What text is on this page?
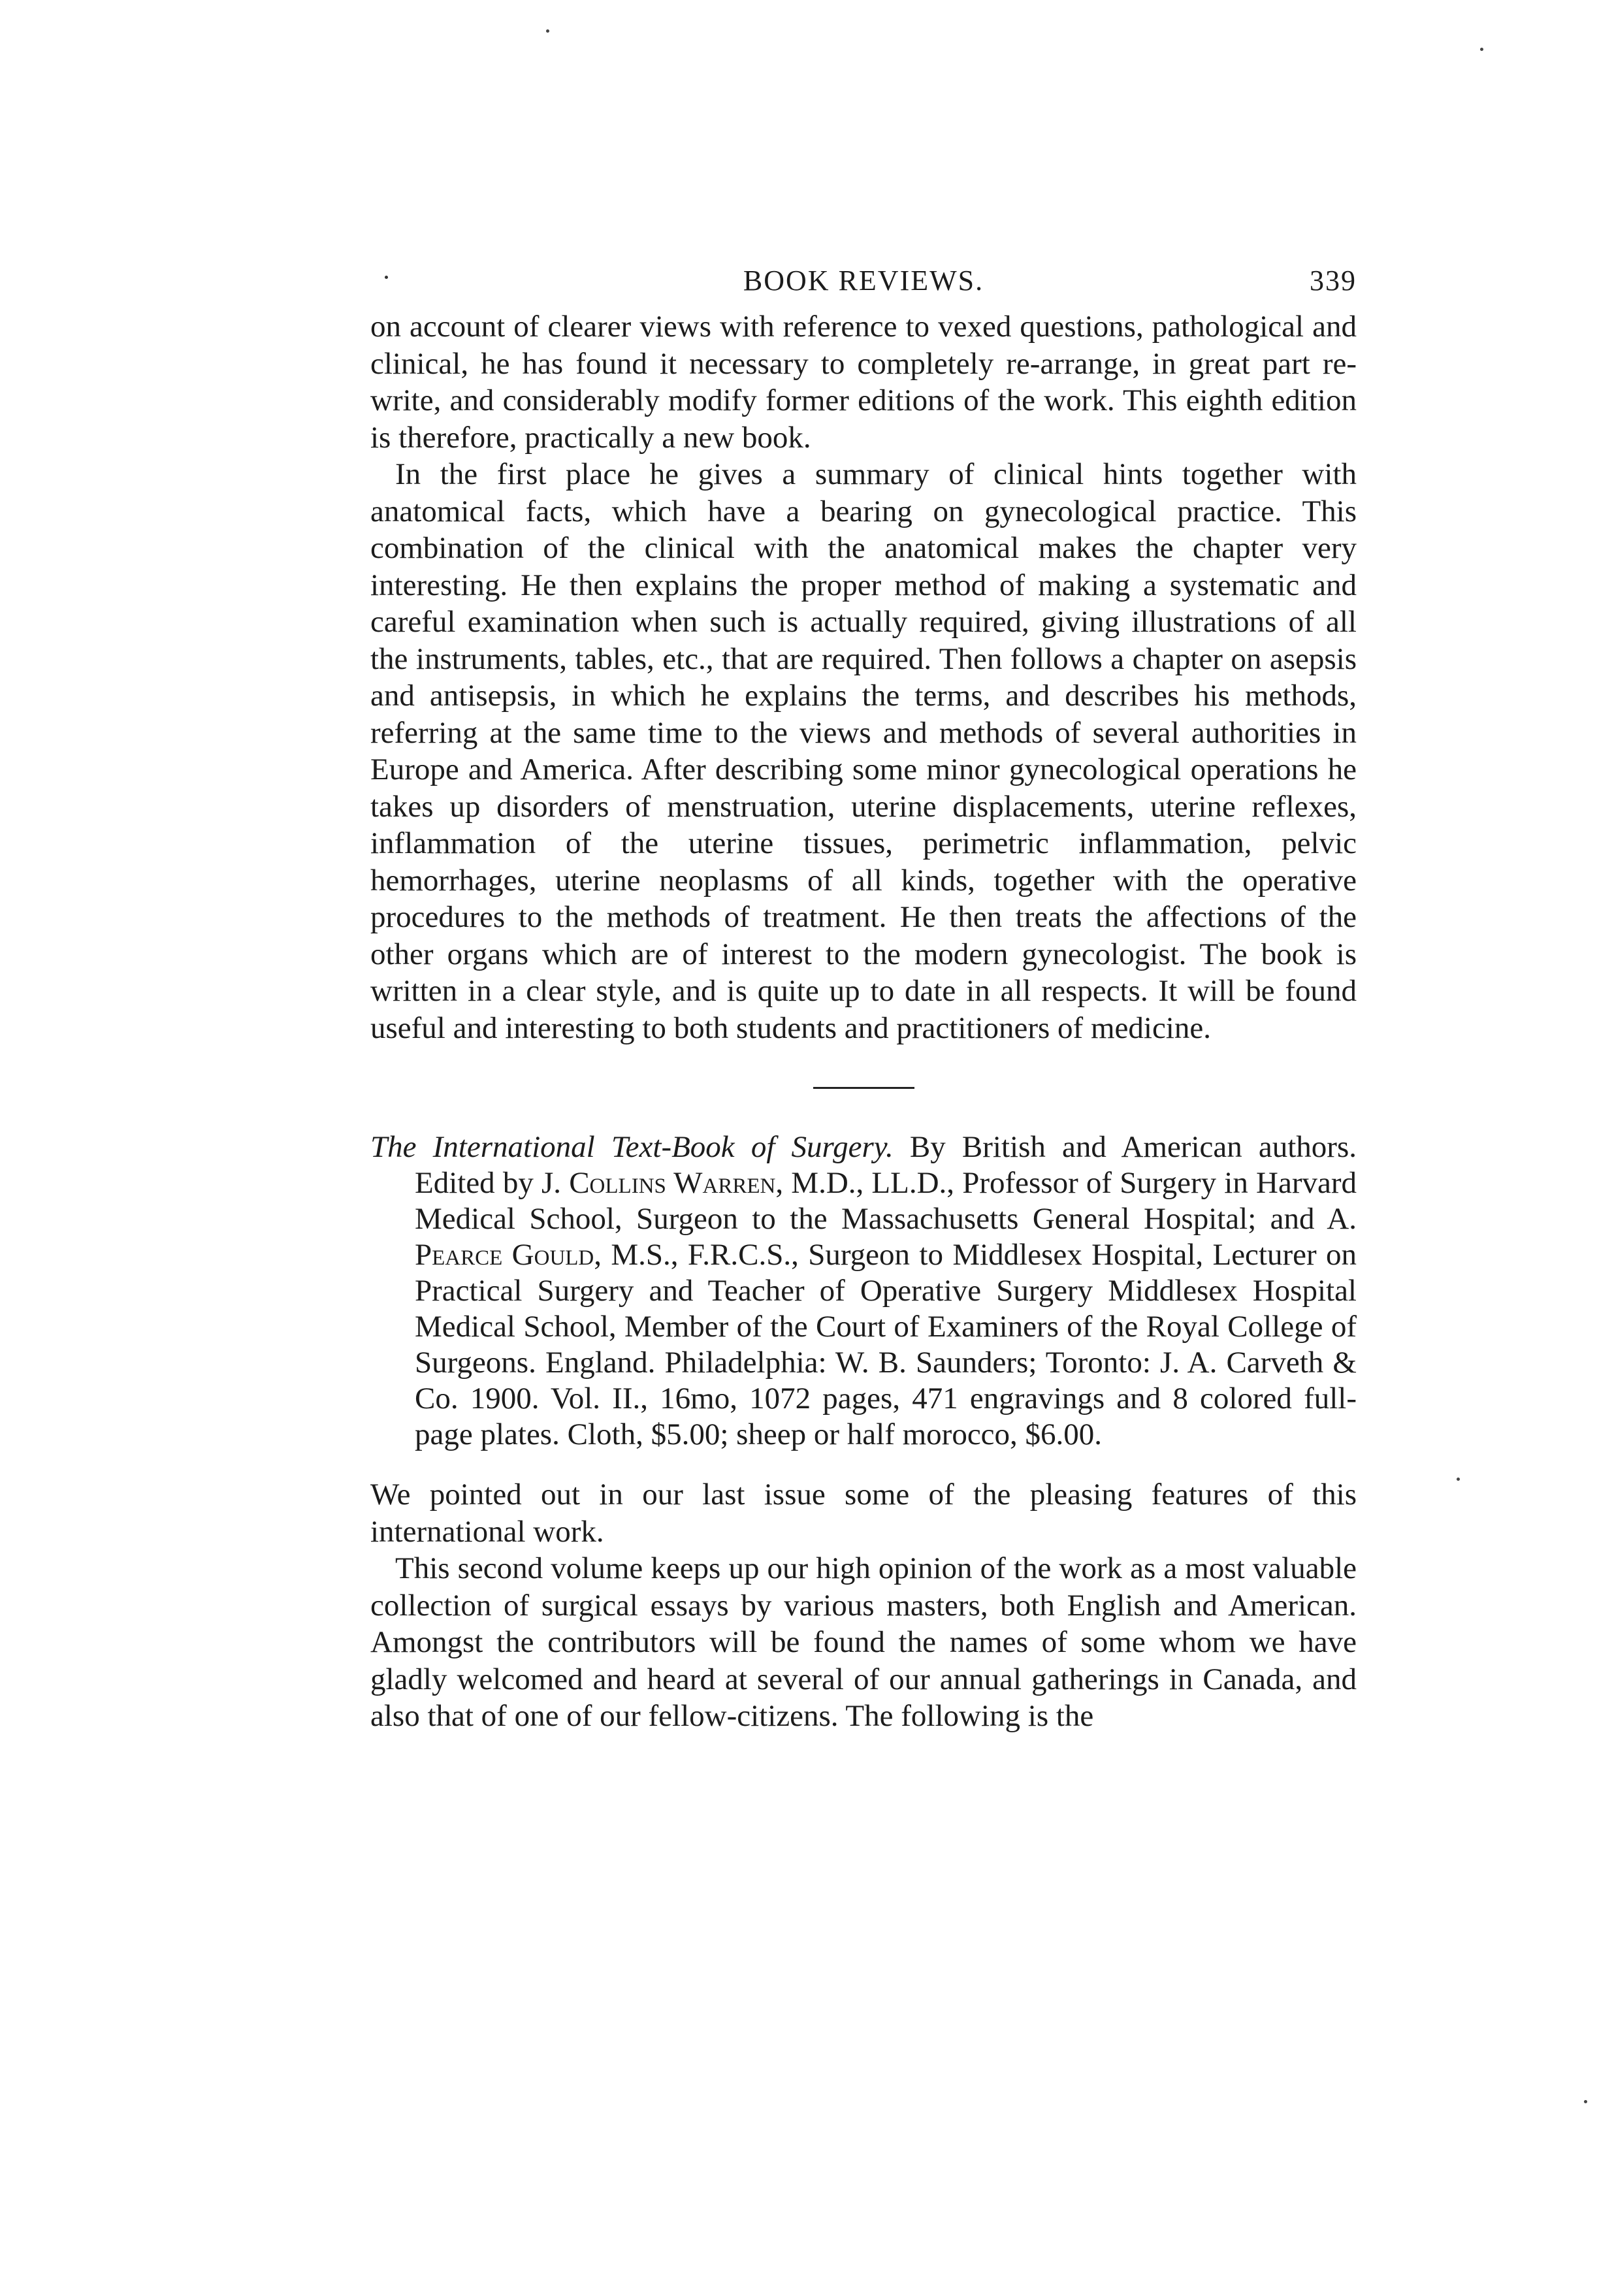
BOOK REVIEWS.	339

on account of clearer views with reference to vexed questions, pathological and clinical, he has found it necessary to completely re-arrange, in great part re-write, and considerably modify former editions of the work. This eighth edition is therefore, practically a new book.

In the first place he gives a summary of clinical hints together with anatomical facts, which have a bearing on gynecological practice. This combination of the clinical with the anatomical makes the chapter very interesting. He then explains the proper method of making a systematic and careful examination when such is actually required, giving illustrations of all the instruments, tables, etc., that are required. Then follows a chapter on asepsis and antisepsis, in which he explains the terms, and describes his methods, referring at the same time to the views and methods of several authorities in Europe and America. After describing some minor gynecological operations he takes up disorders of menstruation, uterine displacements, uterine reflexes, inflammation of the uterine tissues, perimetric inflammation, pelvic hemorrhages, uterine neoplasms of all kinds, together with the operative procedures to the methods of treatment. He then treats the affections of the other organs which are of interest to the modern gynecologist. The book is written in a clear style, and is quite up to date in all respects. It will be found useful and interesting to both students and practitioners of medicine.

The International Text-Book of Surgery. By British and American authors. Edited by J. Collins Warren, M.D., LL.D., Professor of Surgery in Harvard Medical School, Surgeon to the Massachusetts General Hospital; and A. Pearce Gould, M.S., F.R.C.S., Surgeon to Middlesex Hospital, Lecturer on Practical Surgery and Teacher of Operative Surgery Middlesex Hospital Medical School, Member of the Court of Examiners of the Royal College of Surgeons. England. Philadelphia: W. B. Saunders; Toronto: J. A. Carveth & Co. 1900. Vol. II., 16mo, 1072 pages, 471 engravings and 8 colored full-page plates. Cloth, $5.00; sheep or half morocco, $6.00.

We pointed out in our last issue some of the pleasing features of this international work.

This second volume keeps up our high opinion of the work as a most valuable collection of surgical essays by various masters, both English and American. Amongst the contributors will be found the names of some whom we have gladly welcomed and heard at several of our annual gatherings in Canada, and also that of one of our fellow-citizens. The following is the
